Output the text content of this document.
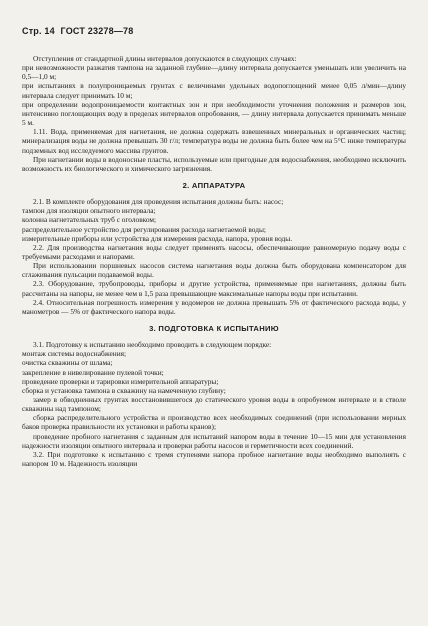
Стр. 14 ГОСТ 23278—78

Отступления от стандартной длины интервалов допускаются в следующих случаях:

при невозможности разжатия тампона на заданной глубине—длину интервала допускается уменьшать или увеличить на 0,5—1,0 м;

при испытаниях в полупроницаемых грунтах с величинами удельных водопоглощений менее 0,05 л/мин—длину интервала следует принимать 10 м;

при определении водопроницаемости контактных зон и при необходимости уточнения положения и размеров зон, интенсивно поглощающих воду в пределах интервалов опробования, — длину интервала допускается принимать меньше 5 м.

1.11. Вода, применяемая для нагнетания, не должна содержать взвешенных минеральных и органических частиц; минерализация воды не должна превышать 30 г/л; температура воды не должна быть более чем на 5°С ниже температуры подземных вод исследуемого массива грунтов.

При нагнетании воды в водоносные пласты, используемые или пригодные для водоснабжения, необходимо исключить возможность их биологического и химического загрязнения.

2. АППАРАТУРА

2.1. В комплекте оборудования для проведения испытания должны быть: насос;

тампон для изоляции опытного интервала;

колонна нагнетательных труб с оголовком;

распределительное устройство для регулирования расхода нагнетаемой воды;

измерительные приборы или устройства для измерения расхода, напора, уровня воды.

2.2. Для производства нагнетания воды следует применять насосы, обеспечивающие равномерную подачу воды с требуемыми расходами и напорами.

При использовании поршневых насосов система нагнетания воды должна быть оборудована компенсатором для сглаживания пульсации подаваемой воды.

2.3. Оборудование, трубопроводы, приборы и другие устройства, применяемые при нагнетаниях, должны быть рассчитаны на напоры, не менее чем в 1,5 раза превышающие максимальные напоры воды при испытании.

2.4. Относительная погрешность измерения у водомеров не должна превышать 5% от фактического расхода воды, у манометров — 5% от фактического напора воды.

3. ПОДГОТОВКА К ИСПЫТАНИЮ

3.1. Подготовку к испытанию необходимо проводить в следующем порядке:

монтаж системы водоснабжения;

очистка скважины от шлама;

закрепление в нивелирование пулевой точки;

проведение проверки и тарировки измерительной аппаратуры;

сборка и установка тампона в скважину на намеченную глубину;

замер в обводненных грунтах восстановившегося до статического уровня воды в опробуемом интервале и в стволе скважины над тампоном;

сборка распределительного устройства и производство всех необходимых соединений (при использовании мерных баков проверка правильности их установки и работы кранов);

проведение пробного нагнетания с заданным для испытаний напором воды в течение 10—15 мин для установления надежности изоляции опытного интервала и проверки работы насосов и герметичности всех соединений.

3.2. При подготовке к испытанию с тремя ступенями напора пробное нагнетание воды необходимо выполнять с напором 10 м. Надежность изоляции
